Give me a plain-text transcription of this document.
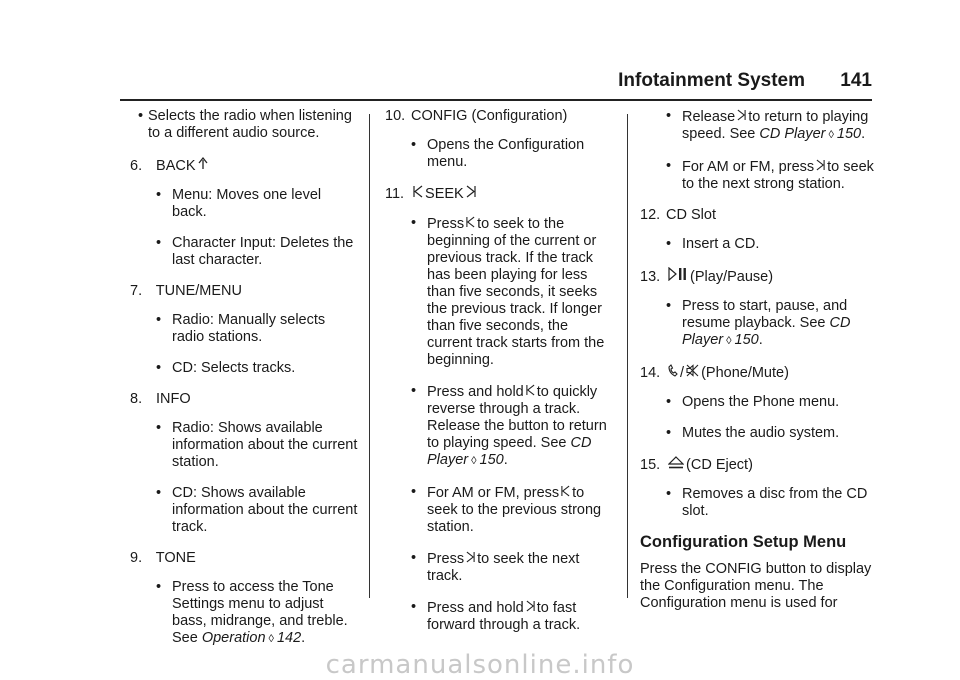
Infotainment System 141
• Selects the radio when listening to a different audio source.
6. BACK
• Menu: Moves one level back.
• Character Input: Deletes the last character.
7. TUNE/MENU
• Radio: Manually selects radio stations.
• CD: Selects tracks.
8. INFO
• Radio: Shows available information about the current station.
• CD: Shows available information about the current track.
9. TONE
• Press to access the Tone Settings menu to adjust bass, midrange, and treble. See Operation ◊ 142.
10. CONFIG (Configuration)
• Opens the Configuration menu.
11. SEEK
• Press to seek to the beginning of the current or previous track. If the track has been playing for less than five seconds, it seeks the previous track. If longer than five seconds, the current track starts from the beginning.
• Press and hold to quickly reverse through a track. Release the button to return to playing speed. See CD Player ◊ 150.
• For AM or FM, press to seek to the previous strong station.
• Press to seek the next track.
• Press and hold to fast forward through a track.
• Release to return to playing speed. See CD Player ◊ 150.
• For AM or FM, press to seek to the next strong station.
12. CD Slot
• Insert a CD.
13. (Play/Pause)
• Press to start, pause, and resume playback. See CD Player ◊ 150.
14. / (Phone/Mute)
• Opens the Phone menu.
• Mutes the audio system.
15. (CD Eject)
• Removes a disc from the CD slot.
Configuration Setup Menu

Press the CONFIG button to display the Configuration menu. The Configuration menu is used for

carmanualsonline.info
